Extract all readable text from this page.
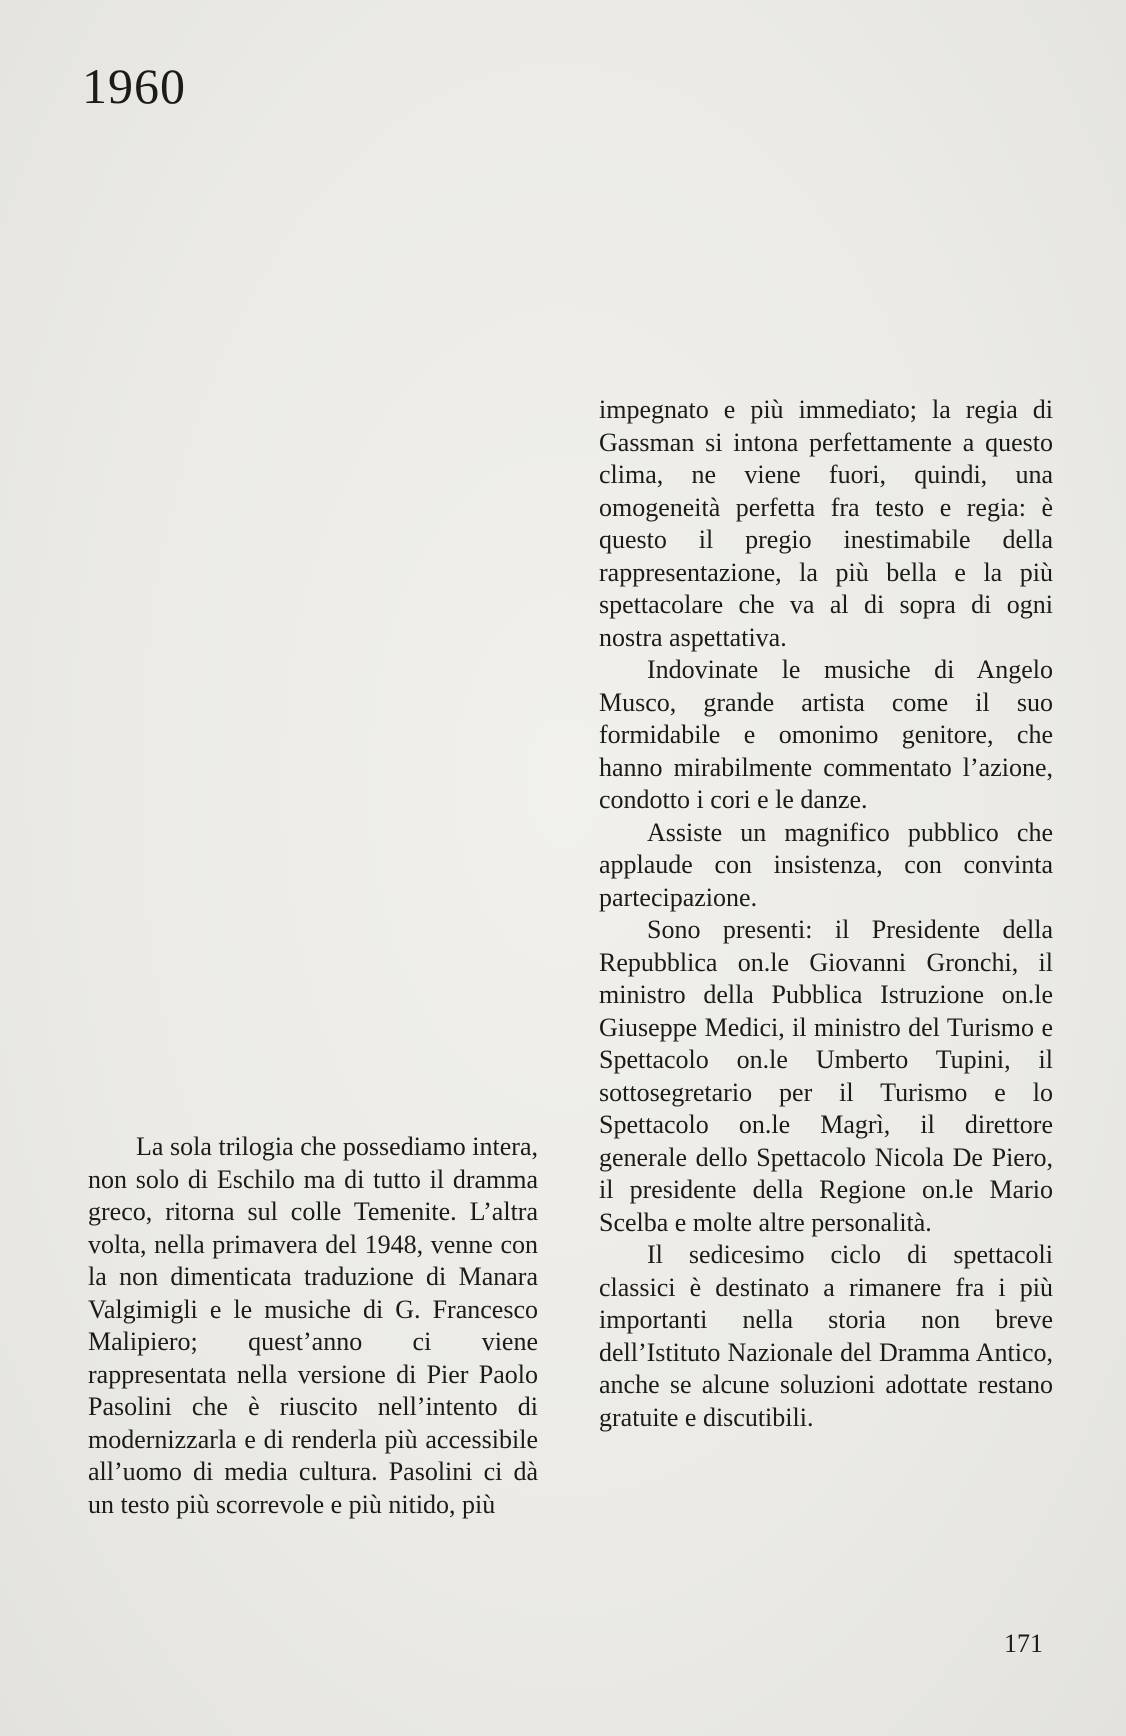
1960

La sola trilogia che possediamo intera, non solo di Eschilo ma di tutto il dramma greco, ritorna sul colle Temenite. L’altra volta, nella primavera del 1948, venne con la non dimenticata traduzione di Manara Valgimigli e le musiche di G. Francesco Malipiero; quest’anno ci viene rappresentata nella versione di Pier Paolo Pasolini che è riuscito nell’intento di modernizzarla e di renderla più accessibile all’uomo di media cultura. Pasolini ci dà un testo più scorrevole e più nitido, più

impegnato e più immediato; la regia di Gassman si intona perfettamente a questo clima, ne viene fuori, quindi, una omogeneità perfetta fra testo e regia: è questo il pregio inestimabile della rappresentazione, la più bella e la più spettacolare che va al di sopra di ogni nostra aspettativa.

Indovinate le musiche di Angelo Musco, grande artista come il suo formidabile e omonimo genitore, che hanno mirabilmente commentato l’azione, condotto i cori e le danze.

Assiste un magnifico pubblico che applaude con insistenza, con convinta partecipazione.

Sono presenti: il Presidente della Repubblica on.le Giovanni Gronchi, il ministro della Pubblica Istruzione on.le Giuseppe Medici, il ministro del Turismo e Spettacolo on.le Umberto Tupini, il sottosegretario per il Turismo e lo Spettacolo on.le Magrì, il direttore generale dello Spettacolo Nicola De Piero, il presidente della Regione on.le Mario Scelba e molte altre personalità.

Il sedicesimo ciclo di spettacoli classici è destinato a rimanere fra i più importanti nella storia non breve dell’Istituto Nazionale del Dramma Antico, anche se alcune soluzioni adottate restano gratuite e discutibili.

171
